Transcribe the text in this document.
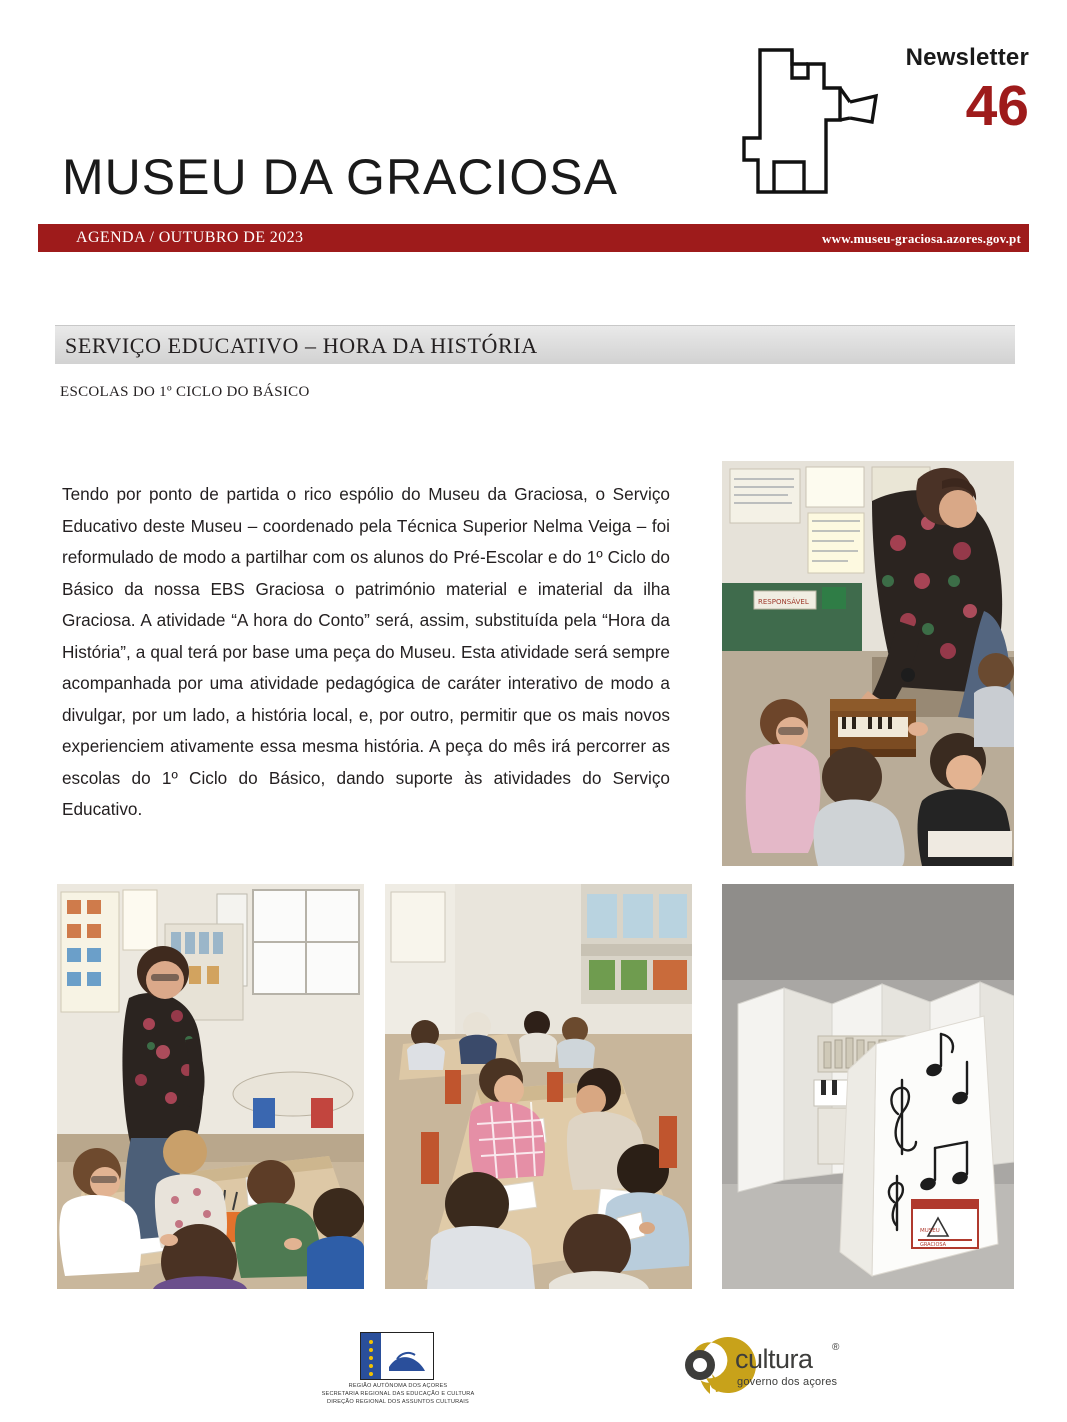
Newsletter
46
MUSEU DA GRACIOSA
AGENDA / OUTUBRO DE 2023	www.museu-graciosa.azores.gov.pt
SERVIÇO EDUCATIVO – HORA DA HISTÓRIA
ESCOLAS DO 1º CICLO DO BÁSICO

Tendo por ponto de partida o rico espólio do Museu da Graciosa, o Serviço Educativo deste Museu – coordenado pela Técnica Superior Nelma Veiga – foi reformulado de modo a partilhar com os alunos do Pré-Escolar e do 1º Ciclo do Básico da nossa EBS Graciosa o património material e imaterial da ilha Graciosa. A atividade “A hora do Conto” será, assim, substituída pela “Hora da História”, a qual terá por base uma peça do Museu. Esta atividade será sempre acompanhada por uma atividade pedagógica de caráter interativo de modo a divulgar, por um lado, a história local, e, por outro, permitir que os mais novos experienciem ativamente essa mesma história. A peça do mês irá percorrer as escolas do 1º Ciclo do Básico, dando suporte às atividades do Serviço Educativo.

RESPONSÁVEL
MUSEU
GRACIOSA
REGIÃO AUTÓNOMA DOS AÇORES
SECRETARIA REGIONAL DAS EDUCAÇÃO E CULTURA
DIREÇÃO REGIONAL DOS ASSUNTOS CULTURAIS
cultura ®
governo dos açores
